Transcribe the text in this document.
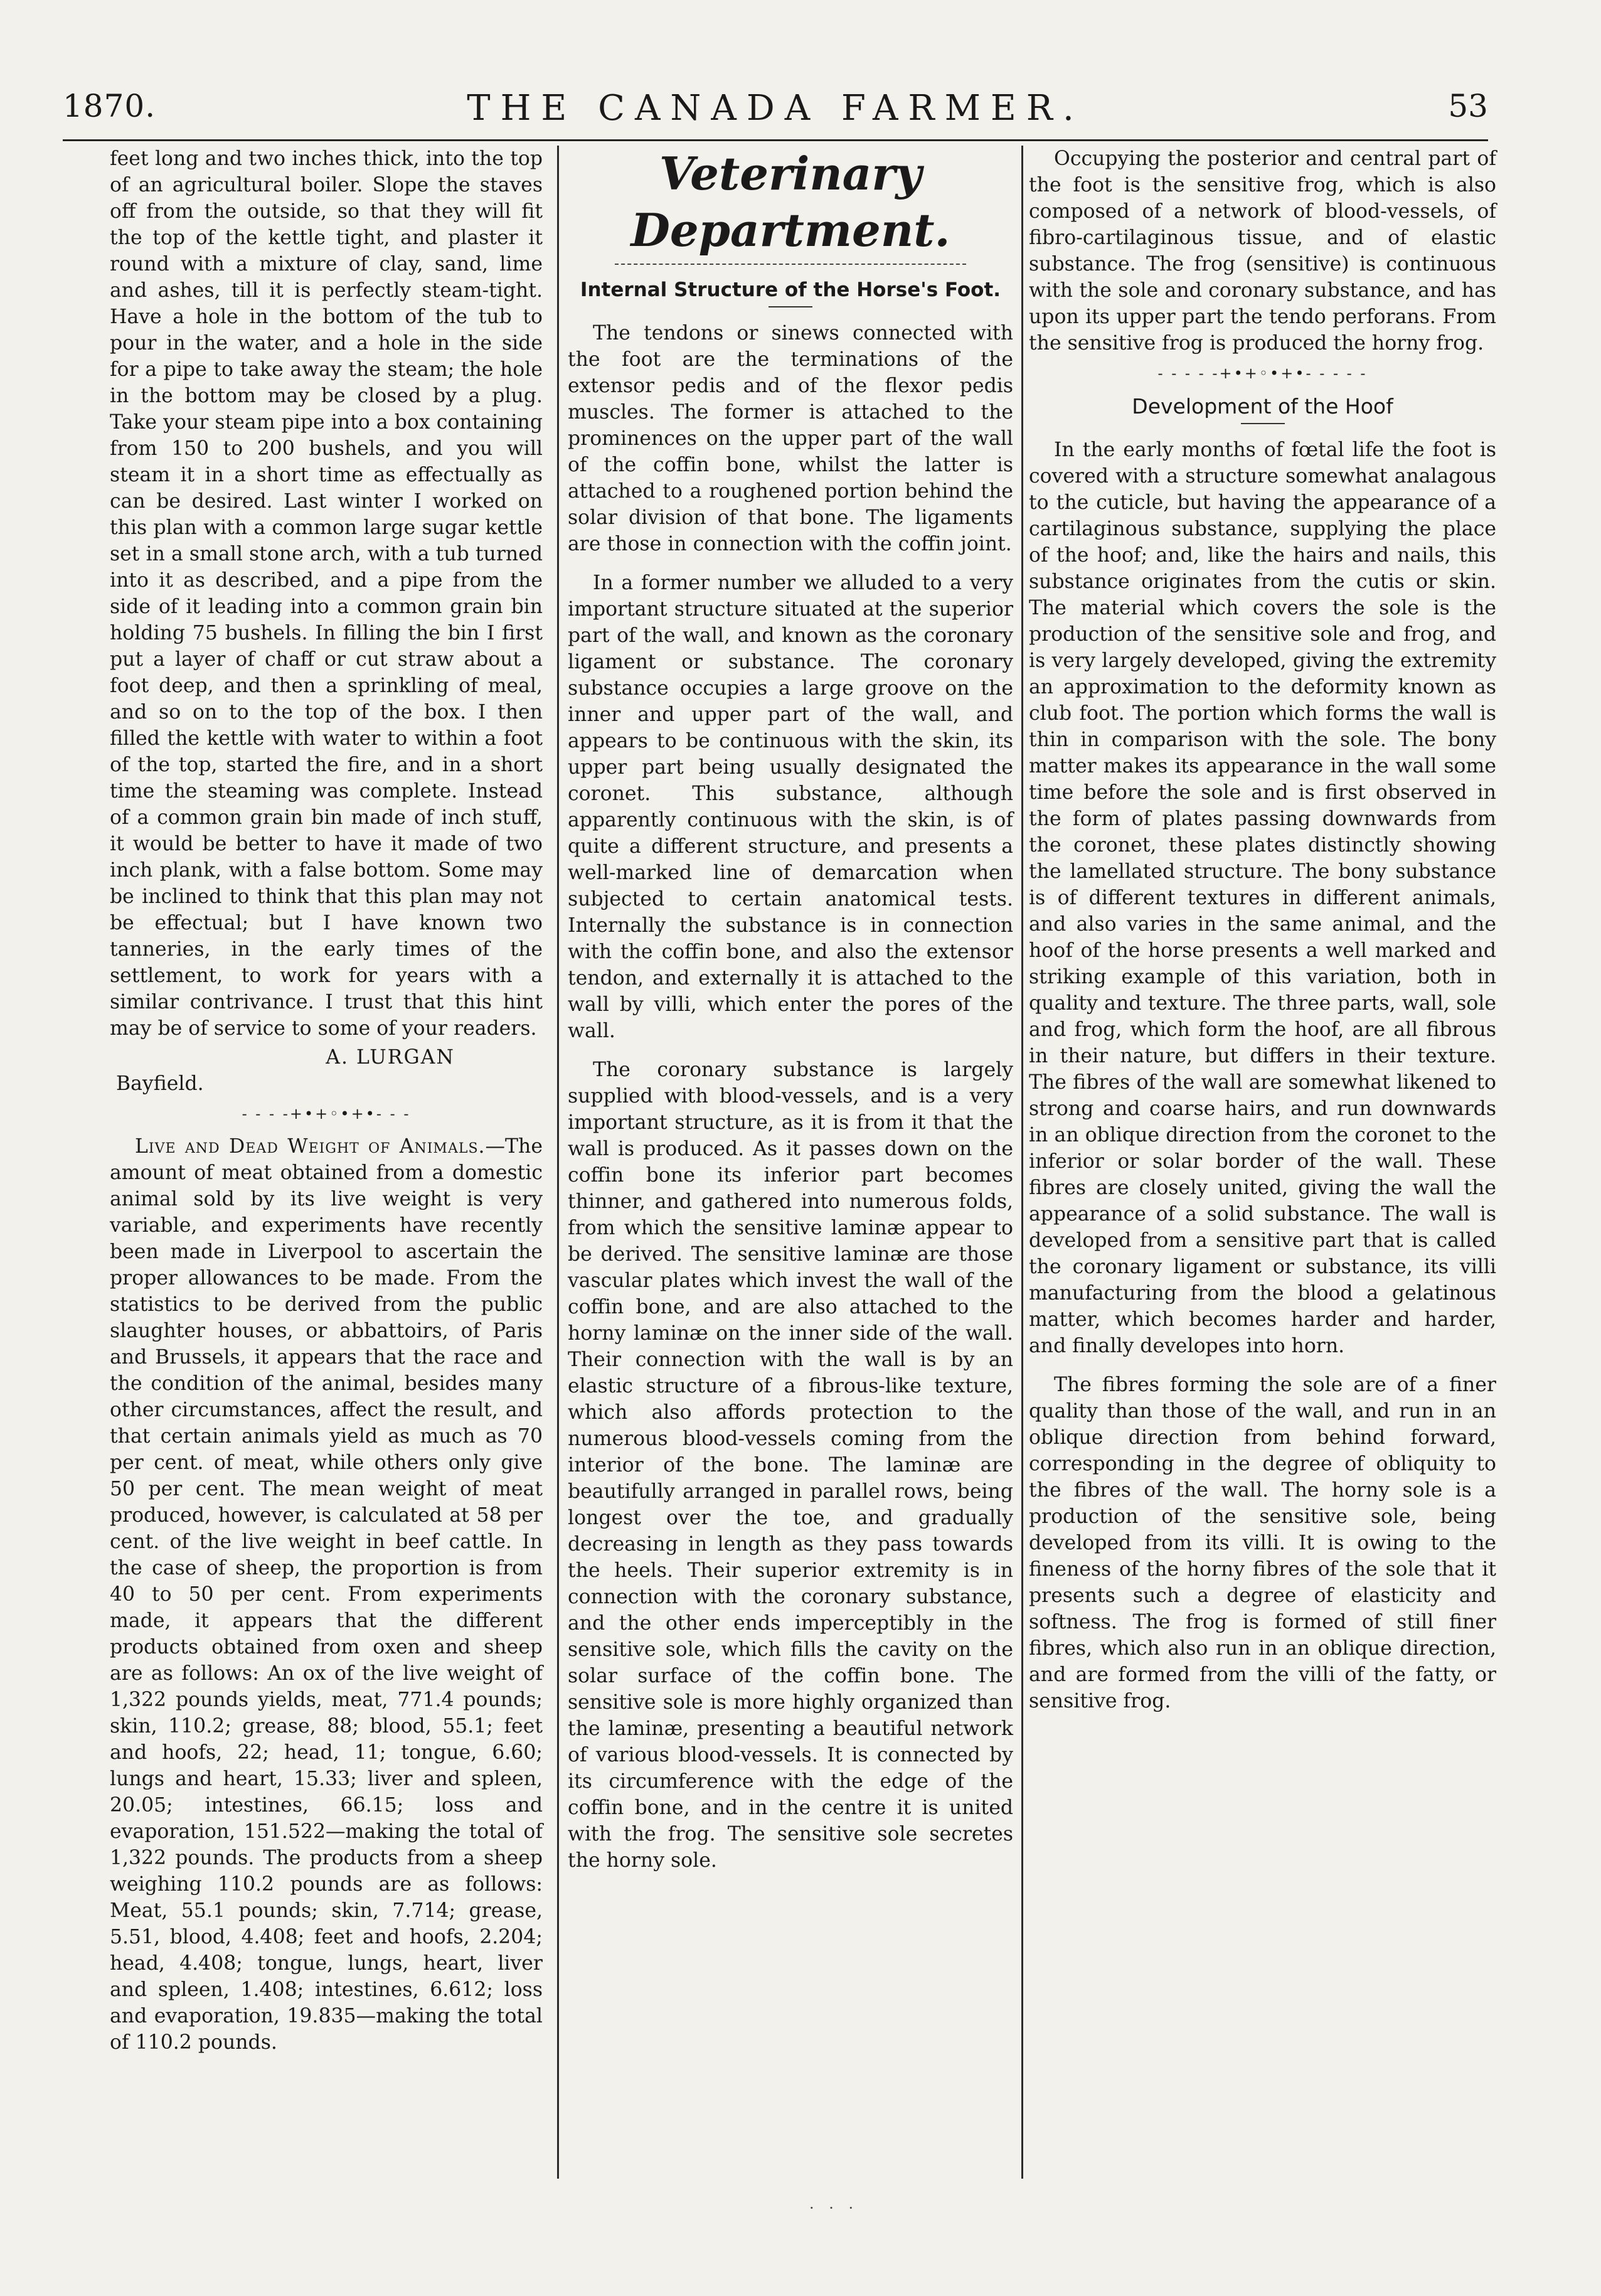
1870.	THE CANADA FARMER.	53

feet long and two inches thick, into the top of an agricultural boiler. Slope the staves off from the outside, so that they will fit the top of the kettle tight, and plaster it round with a mixture of clay, sand, lime and ashes, till it is perfectly steam-tight. Have a hole in the bottom of the tub to pour in the water, and a hole in the side for a pipe to take away the steam; the hole in the bottom may be closed by a plug. Take your steam pipe into a box containing from 150 to 200 bushels, and you will steam it in a short time as effectually as can be desired. Last winter I worked on this plan with a common large sugar kettle set in a small stone arch, with a tub turned into it as described, and a pipe from the side of it leading into a common grain bin holding 75 bushels. In filling the bin I first put a layer of chaff or cut straw about a foot deep, and then a sprinkling of meal, and so on to the top of the box. I then filled the kettle with water to within a foot of the top, started the fire, and in a short time the steaming was complete. Instead of a common grain bin made of inch stuff, it would be better to have it made of two inch plank, with a false bottom. Some may be inclined to think that this plan may not be effectual; but I have known two tanneries, in the early times of the settlement, to work for years with a similar contrivance. I trust that this hint may be of service to some of your readers.

A. LURGAN

Bayfield.

- - - -+•+◦•+•- - -

Live and Dead Weight of Animals.—The amount of meat obtained from a domestic animal sold by its live weight is very variable, and experiments have recently been made in Liverpool to ascertain the proper allowances to be made. From the statistics to be derived from the public slaughter houses, or abbattoirs, of Paris and Brussels, it appears that the race and the condition of the animal, besides many other circumstances, affect the result, and that certain animals yield as much as 70 per cent. of meat, while others only give 50 per cent. The mean weight of meat produced, however, is calculated at 58 per cent. of the live weight in beef cattle. In the case of sheep, the proportion is from 40 to 50 per cent. From experiments made, it appears that the different products obtained from oxen and sheep are as follows: An ox of the live weight of 1,322 pounds yields, meat, 771.4 pounds; skin, 110.2; grease, 88; blood, 55.1; feet and hoofs, 22; head, 11; tongue, 6.60; lungs and heart, 15.33; liver and spleen, 20.05; intestines, 66.15; loss and evaporation, 151.522—making the total of 1,322 pounds. The products from a sheep weighing 110.2 pounds are as follows: Meat, 55.1 pounds; skin, 7.714; grease, 5.51, blood, 4.408; feet and hoofs, 2.204; head, 4.408; tongue, lungs, heart, liver and spleen, 1.408; intestines, 6.612; loss and evaporation, 19.835—making the total of 110.2 pounds.

Veterinary Department.

Internal Structure of the Horse's Foot.

The tendons or sinews connected with the foot are the terminations of the extensor pedis and of the flexor pedis muscles. The former is attached to the prominences on the upper part of the wall of the coffin bone, whilst the latter is attached to a roughened portion behind the solar division of that bone. The ligaments are those in connection with the coffin joint.

In a former number we alluded to a very important structure situated at the superior part of the wall, and known as the coronary ligament or substance. The coronary substance occupies a large groove on the inner and upper part of the wall, and appears to be continuous with the skin, its upper part being usually designated the coronet. This substance, although apparently continuous with the skin, is of quite a different structure, and presents a well-marked line of demarcation when subjected to certain anatomical tests. Internally the substance is in connection with the coffin bone, and also the extensor tendon, and externally it is attached to the wall by villi, which enter the pores of the wall.

The coronary substance is largely supplied with blood-vessels, and is a very important structure, as it is from it that the wall is produced. As it passes down on the coffin bone its inferior part becomes thinner, and gathered into numerous folds, from which the sensitive laminæ appear to be derived. The sensitive laminæ are those vascular plates which invest the wall of the coffin bone, and are also attached to the horny laminæ on the inner side of the wall. Their connection with the wall is by an elastic structure of a fibrous-like texture, which also affords protection to the numerous blood-vessels coming from the interior of the bone. The laminæ are beautifully arranged in parallel rows, being longest over the toe, and gradually decreasing in length as they pass towards the heels. Their superior extremity is in connection with the coronary substance, and the other ends imperceptibly in the sensitive sole, which fills the cavity on the solar surface of the coffin bone. The sensitive sole is more highly organized than the laminæ, presenting a beautiful network of various blood-vessels. It is connected by its circumference with the edge of the coffin bone, and in the centre it is united with the frog. The sensitive sole secretes the horny sole.

Occupying the posterior and central part of the foot is the sensitive frog, which is also composed of a network of blood-vessels, of fibro-cartilaginous tissue, and of elastic substance. The frog (sensitive) is continuous with the sole and coronary substance, and has upon its upper part the tendo perforans. From the sensitive frog is produced the horny frog.

- - - - -+•+◦•+•- - - - -

Development of the Hoof

In the early months of fœtal life the foot is covered with a structure somewhat analagous to the cuticle, but having the appearance of a cartilaginous substance, supplying the place of the hoof; and, like the hairs and nails, this substance originates from the cutis or skin. The material which covers the sole is the production of the sensitive sole and frog, and is very largely developed, giving the extremity an approximation to the deformity known as club foot. The portion which forms the wall is thin in comparison with the sole. The bony matter makes its appearance in the wall some time before the sole and is first observed in the form of plates passing downwards from the coronet, these plates distinctly showing the lamellated structure. The bony substance is of different textures in different animals, and also varies in the same animal, and the hoof of the horse presents a well marked and striking example of this variation, both in quality and texture. The three parts, wall, sole and frog, which form the hoof, are all fibrous in their nature, but differs in their texture. The fibres of the wall are somewhat likened to strong and coarse hairs, and run downwards in an oblique direction from the coronet to the inferior or solar border of the wall. These fibres are closely united, giving the wall the appearance of a solid substance. The wall is developed from a sensitive part that is called the coronary ligament or substance, its villi manufacturing from the blood a gelatinous matter, which becomes harder and harder, and finally developes into horn.

The fibres forming the sole are of a finer quality than those of the wall, and run in an oblique direction from behind forward, corresponding in the degree of obliquity to the fibres of the wall. The horny sole is a production of the sensitive sole, being developed from its villi. It is owing to the fineness of the horny fibres of the sole that it presents such a degree of elasticity and softness. The frog is formed of still finer fibres, which also run in an oblique direction, and are formed from the villi of the fatty, or sensitive frog.

· · ·
